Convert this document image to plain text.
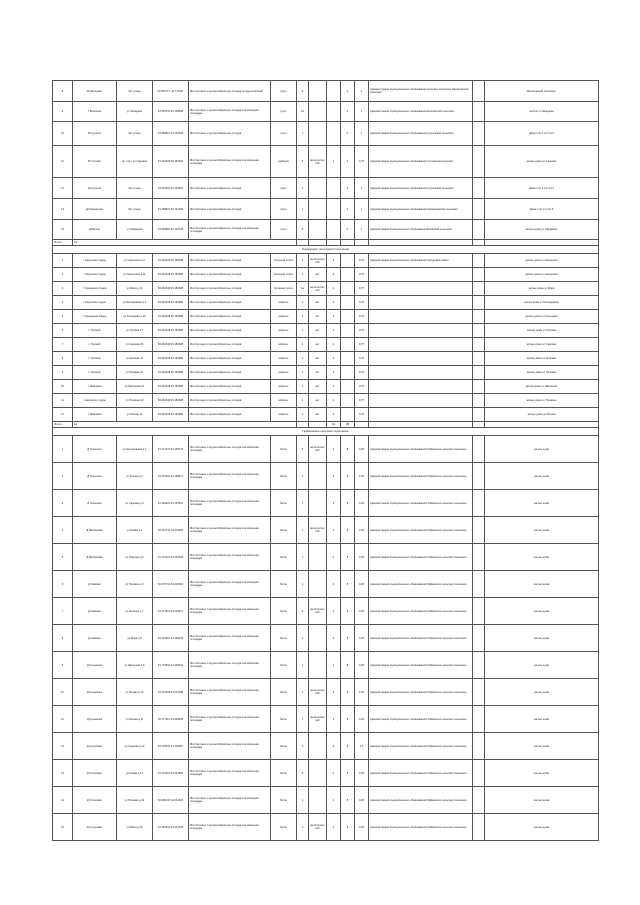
8	В Малиново	без улицы	54.557077, 44.774447	Мох бытовых и крупногабаритных отходов отходы колёсный	грунт	6			2	1	Администрация муниципального образования Сельское поселение Малиновский сельсовет		Малиновский сельсовет
9	Г Березово	ул Западная	54.554752 45.108998	Мох бытовых и крупногабаритных отходов контейнерная площадка	грунт	10			4	1	Администрация муниципального образования Березовский сельсовет		жители ул Западная
10	В Кузугино	без улицы	54.558521 44.132418	Мох бытовых и крупногабаритных отходов	грунт	1			4	1	Администрация муниципального образования Кузугинский сельсовет		Дома с № 1 по № 21
11	В Столово	пр-т кр-т ул Садовая	54.142039 45.197491	Мох бытовых и крупногабаритных отходов контейнерная площадка	щебенка	3	металлический	1	4	0,75	Администрация муниципального образования Столовский сельсовет		жилые дома ул Садовая
12	Д Кузугино	без улицы	54.270491 45.139491	Мох бытовых и крупногабаритных отходов	грунт	1			4	1	Администрация муниципального образования Кузугинский сельсовет		Дома с № 1 по № 14
13	Д Гормидоево	без улицы	54.168621 45.744181	Мох бытовых и крупногабаритных отходов	грунт	1			4	1	Администрация муниципального образования Гормидоевский сельсовет		Дома с № 1 по № 9
14	Д Васино	ул Овражная	54.599864 45.123718	Мох бытовых и крупногабаритных отходов контейнерная площадка	грунт	6			4	1	Администрация муниципального образования Васинский сельсовет		жилые дома ул Овражная
Итого	12												
Городецкие поселения поселения													
1	г Нерльские пруды	ул Нерльская д 6	54.462196 45.184638	Мох бытовых и крупногабаритных отходов	бетонная плита	3	металлический	4		0,75	Администрация муниципального образования Городецкий район		жилые дома ул Нерльская
2	г Нерльские пруды	ул Нерльская д 11	54.462198 45.184488	Мох бытовых и крупногабаритных отходов	бетонная плита	2	нет	2		0,75			жилые дома ул Нерльская
3	г Городецкие Озера	ул Мира д 13	54.462198 45.184488	Мох бытовых и крупногабаритных отходов	бетонная плита	1а	металлический	1		0,75			жилые дома ул Мира
4	г Нерльские пруды	ул Молодёжная д 4	54.462198 45.184488	Мох бытовых и крупногабаритных отходов	асфальт	2	нет	2		0,75			жилые дома ул Молодёжная
5	г Городецкие Озера	ул Кольцевая д 10	54.462198 45.184488	Мох бытовых и крупногабаритных отходов	асфальт	3	нет	1		0,75			жилые дома ул Кольцевая
6	п Луговой	ул Луговая 17	54.462198 45.184488	Мох бытовых и крупногабаритных отходов	асфальт	1	нет	1		0,75			жилые дома ул Луговая
7	п Луговой	ул Садовая 26	54.462198 45.184488	Мох бытовых и крупногабаритных отходов	асфальт	4	нет	1		0,75			жилые дома ул Садовая
8	п Луговой	ул Зелёная 11	54.462198 45.184488	Мох бытовых и крупногабаритных отходов	асфальт	2	нет	2		0,75			жилые дома ул Зелёная
9	п Луговой	ул Полевая 22	54.462198 45.184488	Мох бытовых и крупногабаритных отходов	асфальт	1	нет	1		0,75			жилые дома ул Полевая
10	с Ивановка	ул Школьная 10	54.462198 45.184488	Мох бытовых и крупногабаритных отходов	асфальт	2	нет	1		0,75			жилые дома ул Школьная
11	г Нерльские пруды	ул Пушкина 13	54.462198 45.184488	Мох бытовых и крупногабаритных отходов	асфальт	1	нет	1		0,75			жилые дома ул Пушкина
12	с Ивановка	ул Речная 11	54.462198 45.184488	Мох бытовых и крупногабаритных отходов	асфальт	2	нет	1		0,75			жилые дома ул Речная
Итого	12							16	26				
Пойминское сельское поселение													
1	Д Талызино	ул Центральная д 1	54.171474 44.198773	Мох бытовых и крупногабаритных отходов контейнерная площадка	бетон	3	металлический	2	8	0,25	Администрация муниципального образования Пойминское сельское поселение		жилые дома
2	Д Талызино	ул Лесная д 2	54.173422 44.199871	Мох бытовых и крупногабаритных отходов контейнерная площадка	бетон	1		2	8	0,25	Администрация муниципального образования Пойминское сельское поселение		жилые дома
3	Д Талызино	ул Садовая д 3	54.169422 44.197621	Мох бытовых и крупногабаритных отходов контейнерная площадка	бетон	1		2	8	0,25	Администрация муниципального образования Пойминское сельское поселение		жилые дома
4	Д Малиновка	ул Новая д 4	54.167712 44.201183	Мох бытовых и крупногабаритных отходов контейнерная площадка	бетон	1	металлический	1	8	0,25	Администрация муниципального образования Пойминское сельское поселение		жилые дома
5	Д Малиновка	ул Озёрная д 5	54.170123 44.202218	Мох бытовых и крупногабаритных отходов контейнерная площадка	бетон	1		2	8	0,25	Администрация муниципального образования Пойминское сельское поселение		жилые дома
6	Д Новинки	ул Полевая д 6	54.172711 44.203364	Мох бытовых и крупногабаритных отходов контейнерная площадка	бетон	1		2	8	0,25	Администрация муниципального образования Пойминское сельское поселение		жилые дома
7	Д Новинки	ул Зелёная д 7	54.171919 44.204417	Мох бытовых и крупногабаритных отходов контейнерная площадка	бетон	3	металлический	2	8	0,25	Администрация муниципального образования Пойминское сельское поселение		жилые дома
8	Д Новинки	ул Мира д 8	54.174263 44.205276	Мох бытовых и крупногабаритных отходов контейнерная площадка	бетон	3		3	8	0,25	Администрация муниципального образования Пойминское сельское поселение		жилые дома
9	Д Кузьминка	ул Школьная д 9	54.175504 44.206212	Мох бытовых и крупногабаритных отходов контейнерная площадка	бетон	1		1	8	0,25	Администрация муниципального образования Пойминское сельское поселение		жилые дома
10	Д Кузьминка	ул Речная д 10	54.176208 44.207198	Мох бытовых и крупногабаритных отходов контейнерная площадка	бетон	1	металлический	2	8	0,25	Администрация муниципального образования Пойминское сельское поселение		жилые дома
11	Д Кузьминка	ул Лесная д 11	54.177116 44.208334	Мох бытовых и крупногабаритных отходов контейнерная площадка	бетон	1	металлический	1	8	0,25	Администрация муниципального образования Пойминское сельское поселение		жилые дома
12	Д Стрелково	ул Садовая д 12	54.178032 44.209487	Мох бытовых и крупногабаритных отходов контейнерная площадка	бетон	3		2	8	1,2	Администрация муниципального образования Пойминское сельское поселение		жилые дома
13	Д Стрелково	ул Новая д 13	54.179163 44.210559	Мох бытовых и крупногабаритных отходов контейнерная площадка	бетон	3		2	8	0,25	Администрация муниципального образования Пойминское сельское поселение		жилые дома
14	Д Стрелково	ул Полевая д 14	54.180247 44.211623	Мох бытовых и крупногабаритных отходов контейнерная площадка	бетон	1		1	8	0,25	Администрация муниципального образования Пойминское сельское поселение		жилые дома
15	Д Стрелково	ул Мира д 15	54.181334 44.212708	Мох бытовых и крупногабаритных отходов контейнерная площадка	бетон	1	металлический	1	8	0,25	Администрация муниципального образования Пойминское сельское поселение		жилые дома
